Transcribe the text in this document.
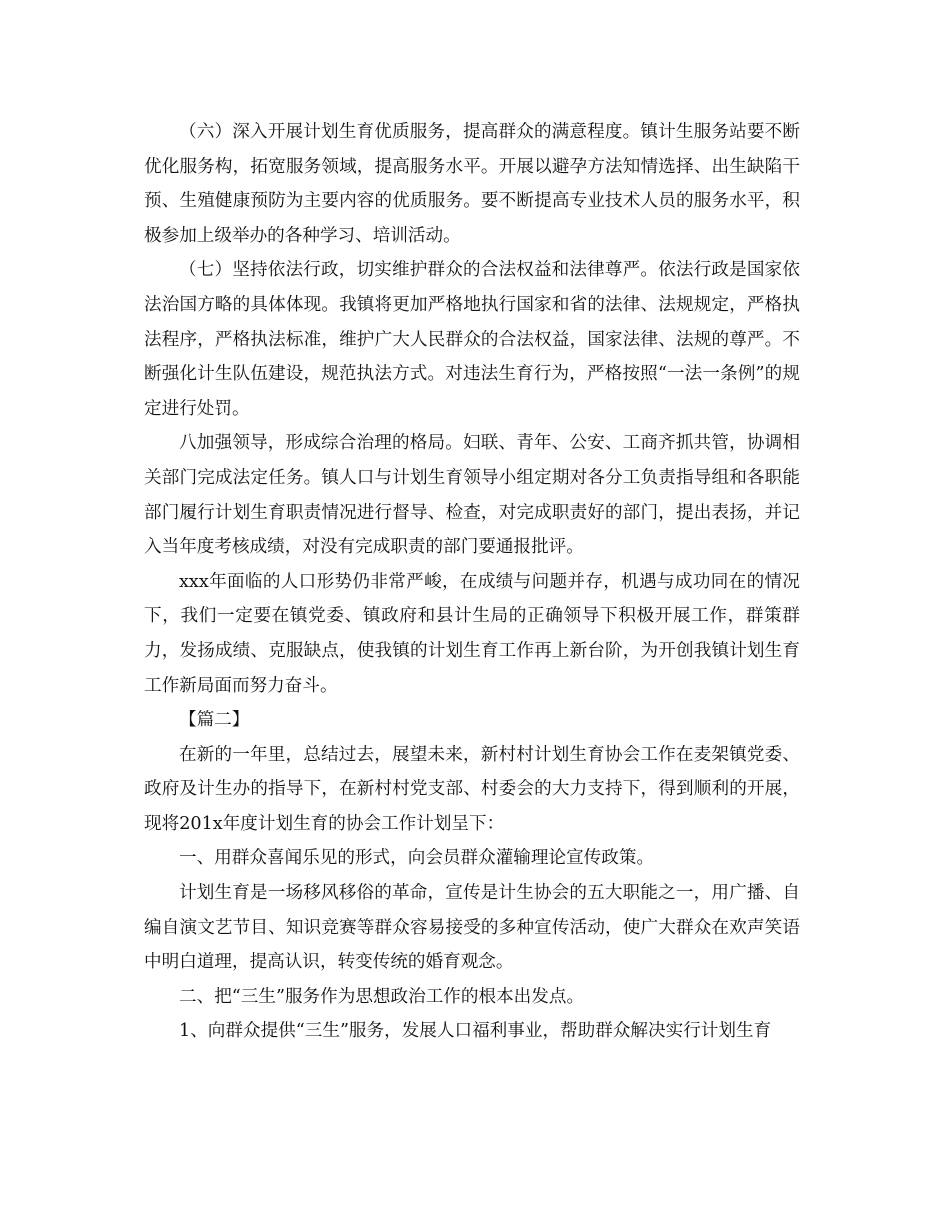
（六）深入开展计划生育优质服务，提高群众的满意程度。镇计生服务站要不断优化服务构，拓宽服务领域，提高服务水平。开展以避孕方法知情选择、出生缺陷干预、生殖健康预防为主要内容的优质服务。要不断提高专业技术人员的服务水平，积极参加上级举办的各种学习、培训活动。

（七）坚持依法行政，切实维护群众的合法权益和法律尊严。依法行政是国家依法治国方略的具体体现。我镇将更加严格地执行国家和省的法律、法规规定，严格执法程序，严格执法标准，维护广大人民群众的合法权益，国家法律、法规的尊严。不断强化计生队伍建设，规范执法方式。对违法生育行为，严格按照“一法一条例”的规定进行处罚。

八加强领导，形成综合治理的格局。妇联、青年、公安、工商齐抓共管，协调相关部门完成法定任务。镇人口与计划生育领导小组定期对各分工负责指导组和各职能部门履行计划生育职责情况进行督导、检查，对完成职责好的部门，提出表扬，并记入当年度考核成绩，对没有完成职责的部门要通报批评。

xxx年面临的人口形势仍非常严峻，在成绩与问题并存，机遇与成功同在的情况下，我们一定要在镇党委、镇政府和县计生局的正确领导下积极开展工作，群策群力，发扬成绩、克服缺点，使我镇的计划生育工作再上新台阶，为开创我镇计划生育工作新局面而努力奋斗。

【篇二】

在新的一年里，总结过去，展望未来，新村村计划生育协会工作在麦架镇党委、政府及计生办的指导下，在新村村党支部、村委会的大力支持下，得到顺利的开展，现将201x年度计划生育的协会工作计划呈下：

一、用群众喜闻乐见的形式，向会员群众灌输理论宣传政策。

计划生育是一场移风移俗的革命，宣传是计生协会的五大职能之一，用广播、自编自演文艺节目、知识竞赛等群众容易接受的多种宣传活动，使广大群众在欢声笑语中明白道理，提高认识，转变传统的婚育观念。

二、把“三生”服务作为思想政治工作的根本出发点。

1、向群众提供“三生”服务，发展人口福利事业，帮助群众解决实行计划生育
